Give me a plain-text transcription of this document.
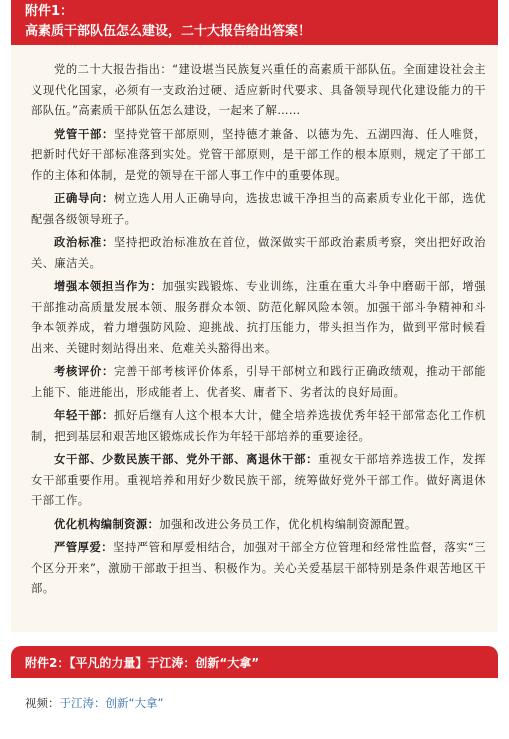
附件1：
高素质干部队伍怎么建设，二十大报告给出答案！

党的二十大报告指出：“建设堪当民族复兴重任的高素质干部队伍。全面建设社会主义现代化国家，必须有一支政治过硬、适应新时代要求、具备领导现代化建设能力的干部队伍。”高素质干部队伍怎么建设，一起来了解……

党管干部：坚持党管干部原则，坚持德才兼备、以德为先、五湖四海、任人唯贤，把新时代好干部标准落到实处。党管干部原则，是干部工作的根本原则，规定了干部工作的主体和体制，是党的领导在干部人事工作中的重要体现。

正确导向：树立选人用人正确导向，选拔忠诚干净担当的高素质专业化干部，选优配强各级领导班子。

政治标准：坚持把政治标准放在首位，做深做实干部政治素质考察，突出把好政治关、廉洁关。

增强本领担当作为：加强实践锻炼、专业训练，注重在重大斗争中磨砺干部，增强干部推动高质量发展本领、服务群众本领、防范化解风险本领。加强干部斗争精神和斗争本领养成，着力增强防风险、迎挑战、抗打压能力，带头担当作为，做到平常时候看出来、关键时刻站得出来、危难关头豁得出来。

考核评价：完善干部考核评价体系，引导干部树立和践行正确政绩观，推动干部能上能下、能进能出，形成能者上、优者奖、庸者下、劣者汰的良好局面。

年轻干部：抓好后继有人这个根本大计，健全培养选拔优秀年轻干部常态化工作机制，把到基层和艰苦地区锻炼成长作为年轻干部培养的重要途径。

女干部、少数民族干部、党外干部、离退休干部：重视女干部培养选拔工作，发挥女干部重要作用。重视培养和用好少数民族干部，统筹做好党外干部工作。做好离退休干部工作。

优化机构编制资源：加强和改进公务员工作，优化机构编制资源配置。

严管厚爱：坚持严管和厚爱相结合，加强对干部全方位管理和经常性监督，落实“三个区分开来”，激励干部敢于担当、积极作为。关心关爱基层干部特别是条件艰苦地区干部。

附件2：【平凡的力量】于江涛：创新“大拿”
视频：于江涛：创新“大拿”
